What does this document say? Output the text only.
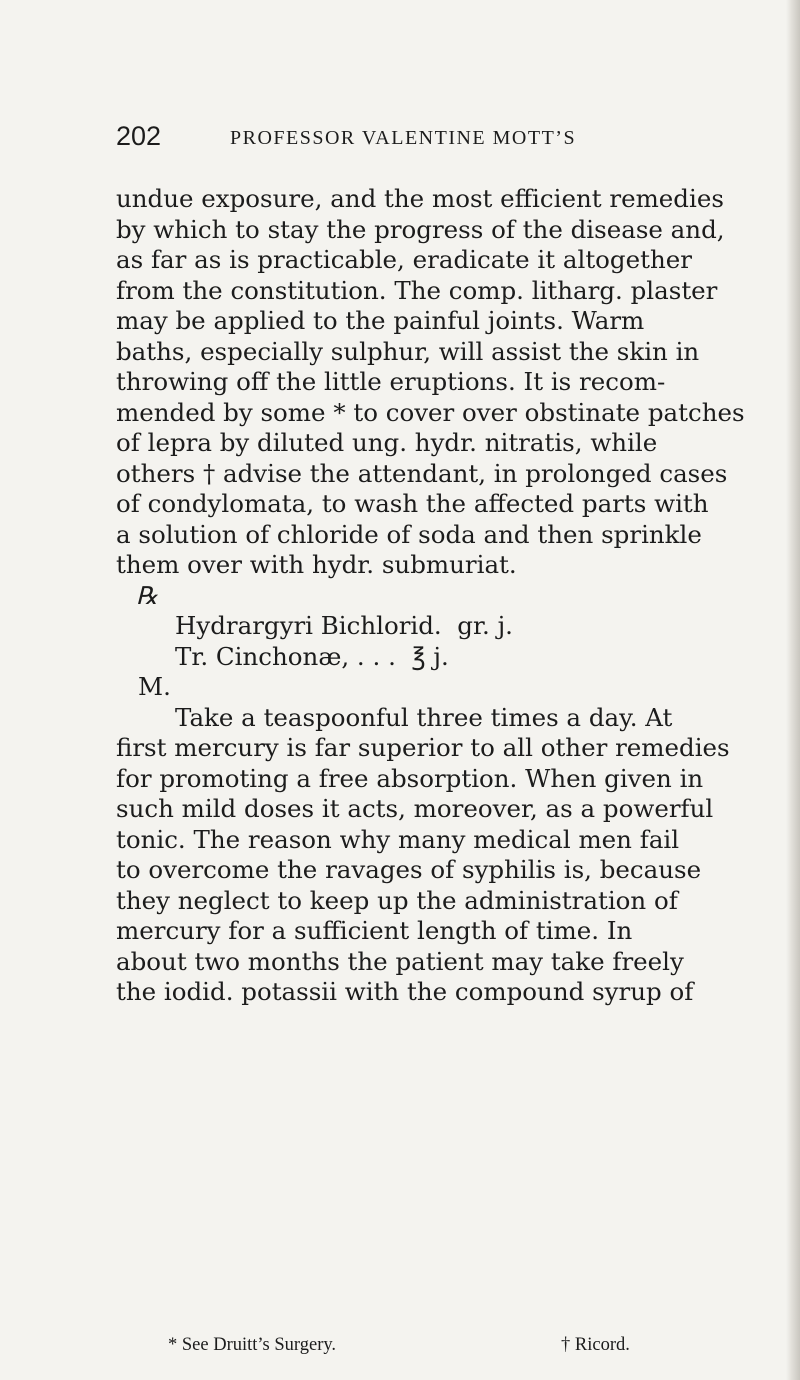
202	PROFESSOR VALENTINE MOTT’S
undue exposure, and the most efficient remedies
by which to stay the progress of the disease and,
as far as is practicable, eradicate it altogether
from the constitution. The comp. litharg. plaster
may be applied to the painful joints. Warm
baths, especially sulphur, will assist the skin in
throwing off the little eruptions. It is recom-
mended by some * to cover over obstinate patches
of lepra by diluted ung. hydr. nitratis, while
others † advise the attendant, in prolonged cases
of condylomata, to wash the affected parts with
a solution of chloride of soda and then sprinkle
them over with hydr. submuriat.
℞
Hydrargyri Bichlorid.  gr. j.
Tr. Cinchonæ, . . .  ℥ j.
M.
Take a teaspoonful three times a day. At
first mercury is far superior to all other remedies
for promoting a free absorption. When given in
such mild doses it acts, moreover, as a powerful
tonic. The reason why many medical men fail
to overcome the ravages of syphilis is, because
they neglect to keep up the administration of
mercury for a sufficient length of time. In
about two months the patient may take freely
the iodid. potassii with the compound syrup of
* See Druitt’s Surgery.	† Ricord.
